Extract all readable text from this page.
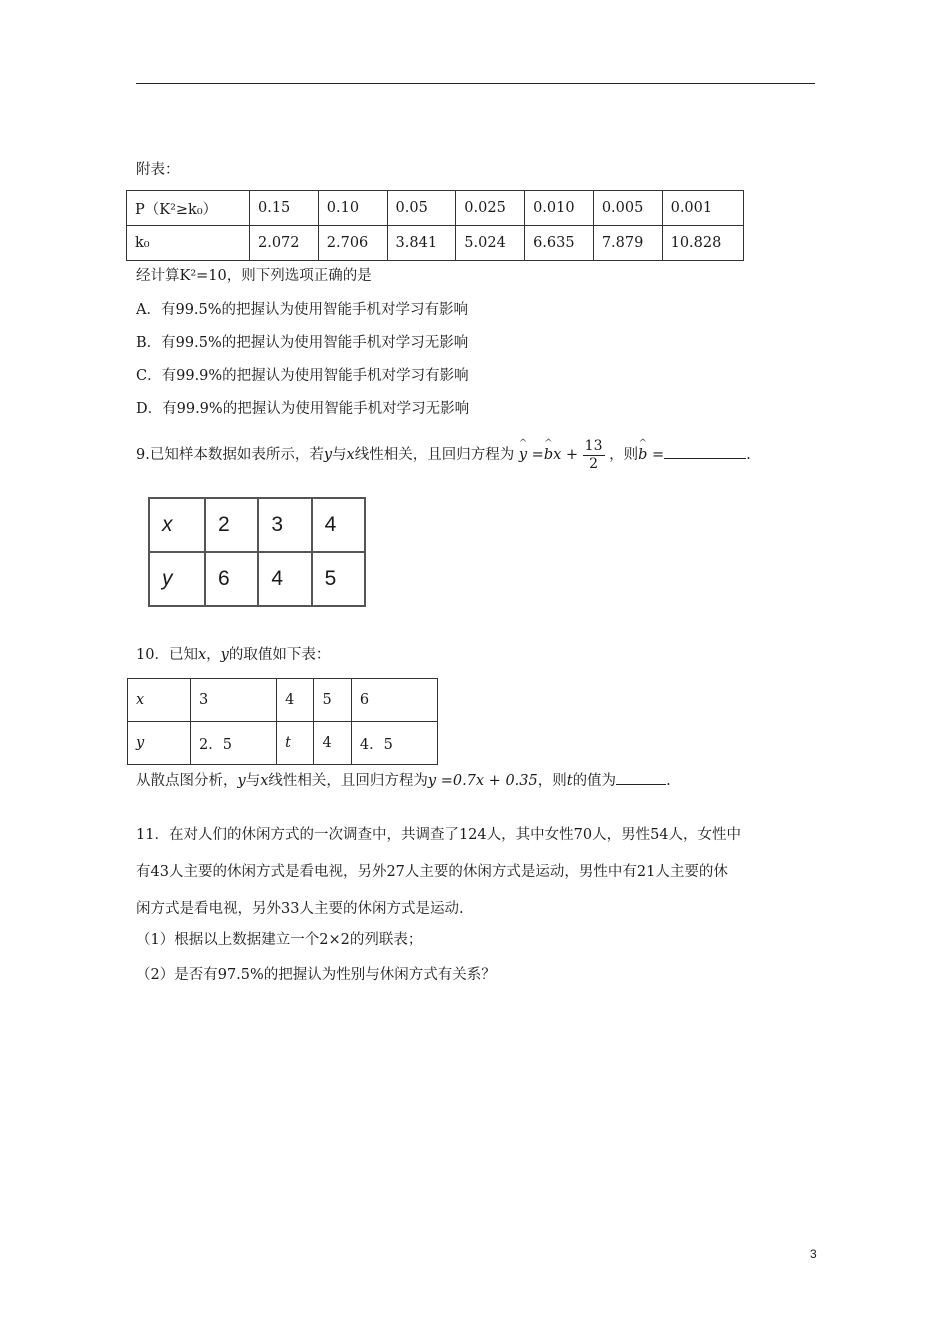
附表：
P（K²≥k₀）	0.15	0.10	0.05	0.025	0.010	0.005	0.001
k₀	2.072	2.706	3.841	5.024	6.635	7.879	10.828
经计算K²=10，则下列选项正确的是
A．有99.5%的把握认为使用智能手机对学习有影响
B．有99.5%的把握认为使用智能手机对学习无影响
C．有99.9%的把握认为使用智能手机对学习有影响
D．有99.9%的把握认为使用智能手机对学习无影响
9.已知样本数据如表所示，若y与x线性相关，且回归方程为 ^ y =^ bx + $\frac{13}{2}$ ，则^ b =	.
x	2	3	4
y	6	4	5
10．已知x，y的取值如下表：
x	3	4	5	6
y	2．5	t	4	4．5
从散点图分析，y与x线性相关，且回归方程为y =0.7x + 0.35，则t的值为	.
11．在对人们的休闲方式的一次调查中，共调查了124人，其中女性70人，男性54人，女性中
有43人主要的休闲方式是看电视，另外27人主要的休闲方式是运动，男性中有21人主要的休
闲方式是看电视，另外33人主要的休闲方式是运动.
（1）根据以上数据建立一个2×2的列联表；
（2）是否有97.5%的把握认为性别与休闲方式有关系？
3
